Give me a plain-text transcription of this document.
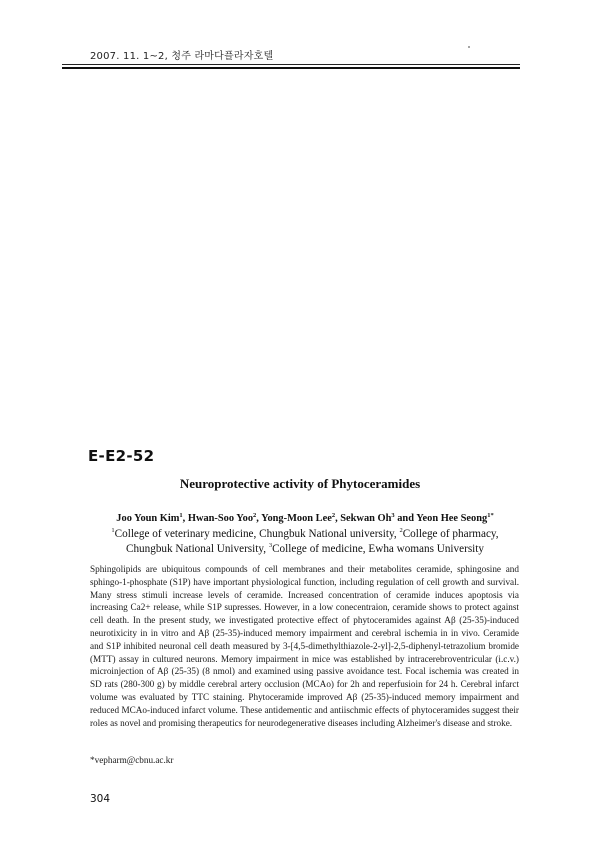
2007. 11. 1~2, 청주 라마다플라자호텔
E-E2-52
Neuroprotective activity of Phytoceramides
Joo Youn Kim$^1$, Hwan-Soo Yoo$^2$, Yong-Moon Lee$^2$, Sekwan Oh$^3$ and Yeon Hee Seong$^{1*}$
$^1$College of veterinary medicine, Chungbuk National university, $^2$College of pharmacy,
Chungbuk National University, $^3$College of medicine, Ewha womans University

Sphingolipids are ubiquitous compounds of cell membranes and their metabolites ceramide, sphingosine and sphingo-1-phosphate (S1P) have important physiological function, including regulation of cell growth and survival. Many stress stimuli increase levels of ceramide. Increased concentration of ceramide induces apoptosis via increasing Ca2+ release, while S1P supresses. However, in a low conecentraion, ceramide shows to protect against cell death. In the present study, we investigated protective effect of phytoceramides against Aβ (25-35)-induced neurotixicity in in vitro and Aβ (25-35)-induced memory impairment and cerebral ischemia in in vivo. Ceramide and S1P inhibited neuronal cell death measured by 3-[4,5-dimethylthiazole-2-yl]-2,5-diphenyl-tetrazolium bromide (MTT) assay in cultured neurons. Memory impairment in mice was established by intracerebroventricular (i.c.v.) microinjection of Aβ (25-35) (8 nmol) and examined using passive avoidance test. Focal ischemia was created in SD rats (280-300 g) by middle cerebral artery occlusion (MCAo) for 2h and reperfusioin for 24 h. Cerebral infarct volume was evaluated by TTC staining. Phytoceramide improved Aβ (25-35)-induced memory impairment and reduced MCAo-induced infarct volume. These antidementic and antiischmic effects of phytoceramides suggest their roles as novel and promising therapeutics for neurodegenerative diseases including Alzheimer's disease and stroke.

*vepharm@cbnu.ac.kr
304
